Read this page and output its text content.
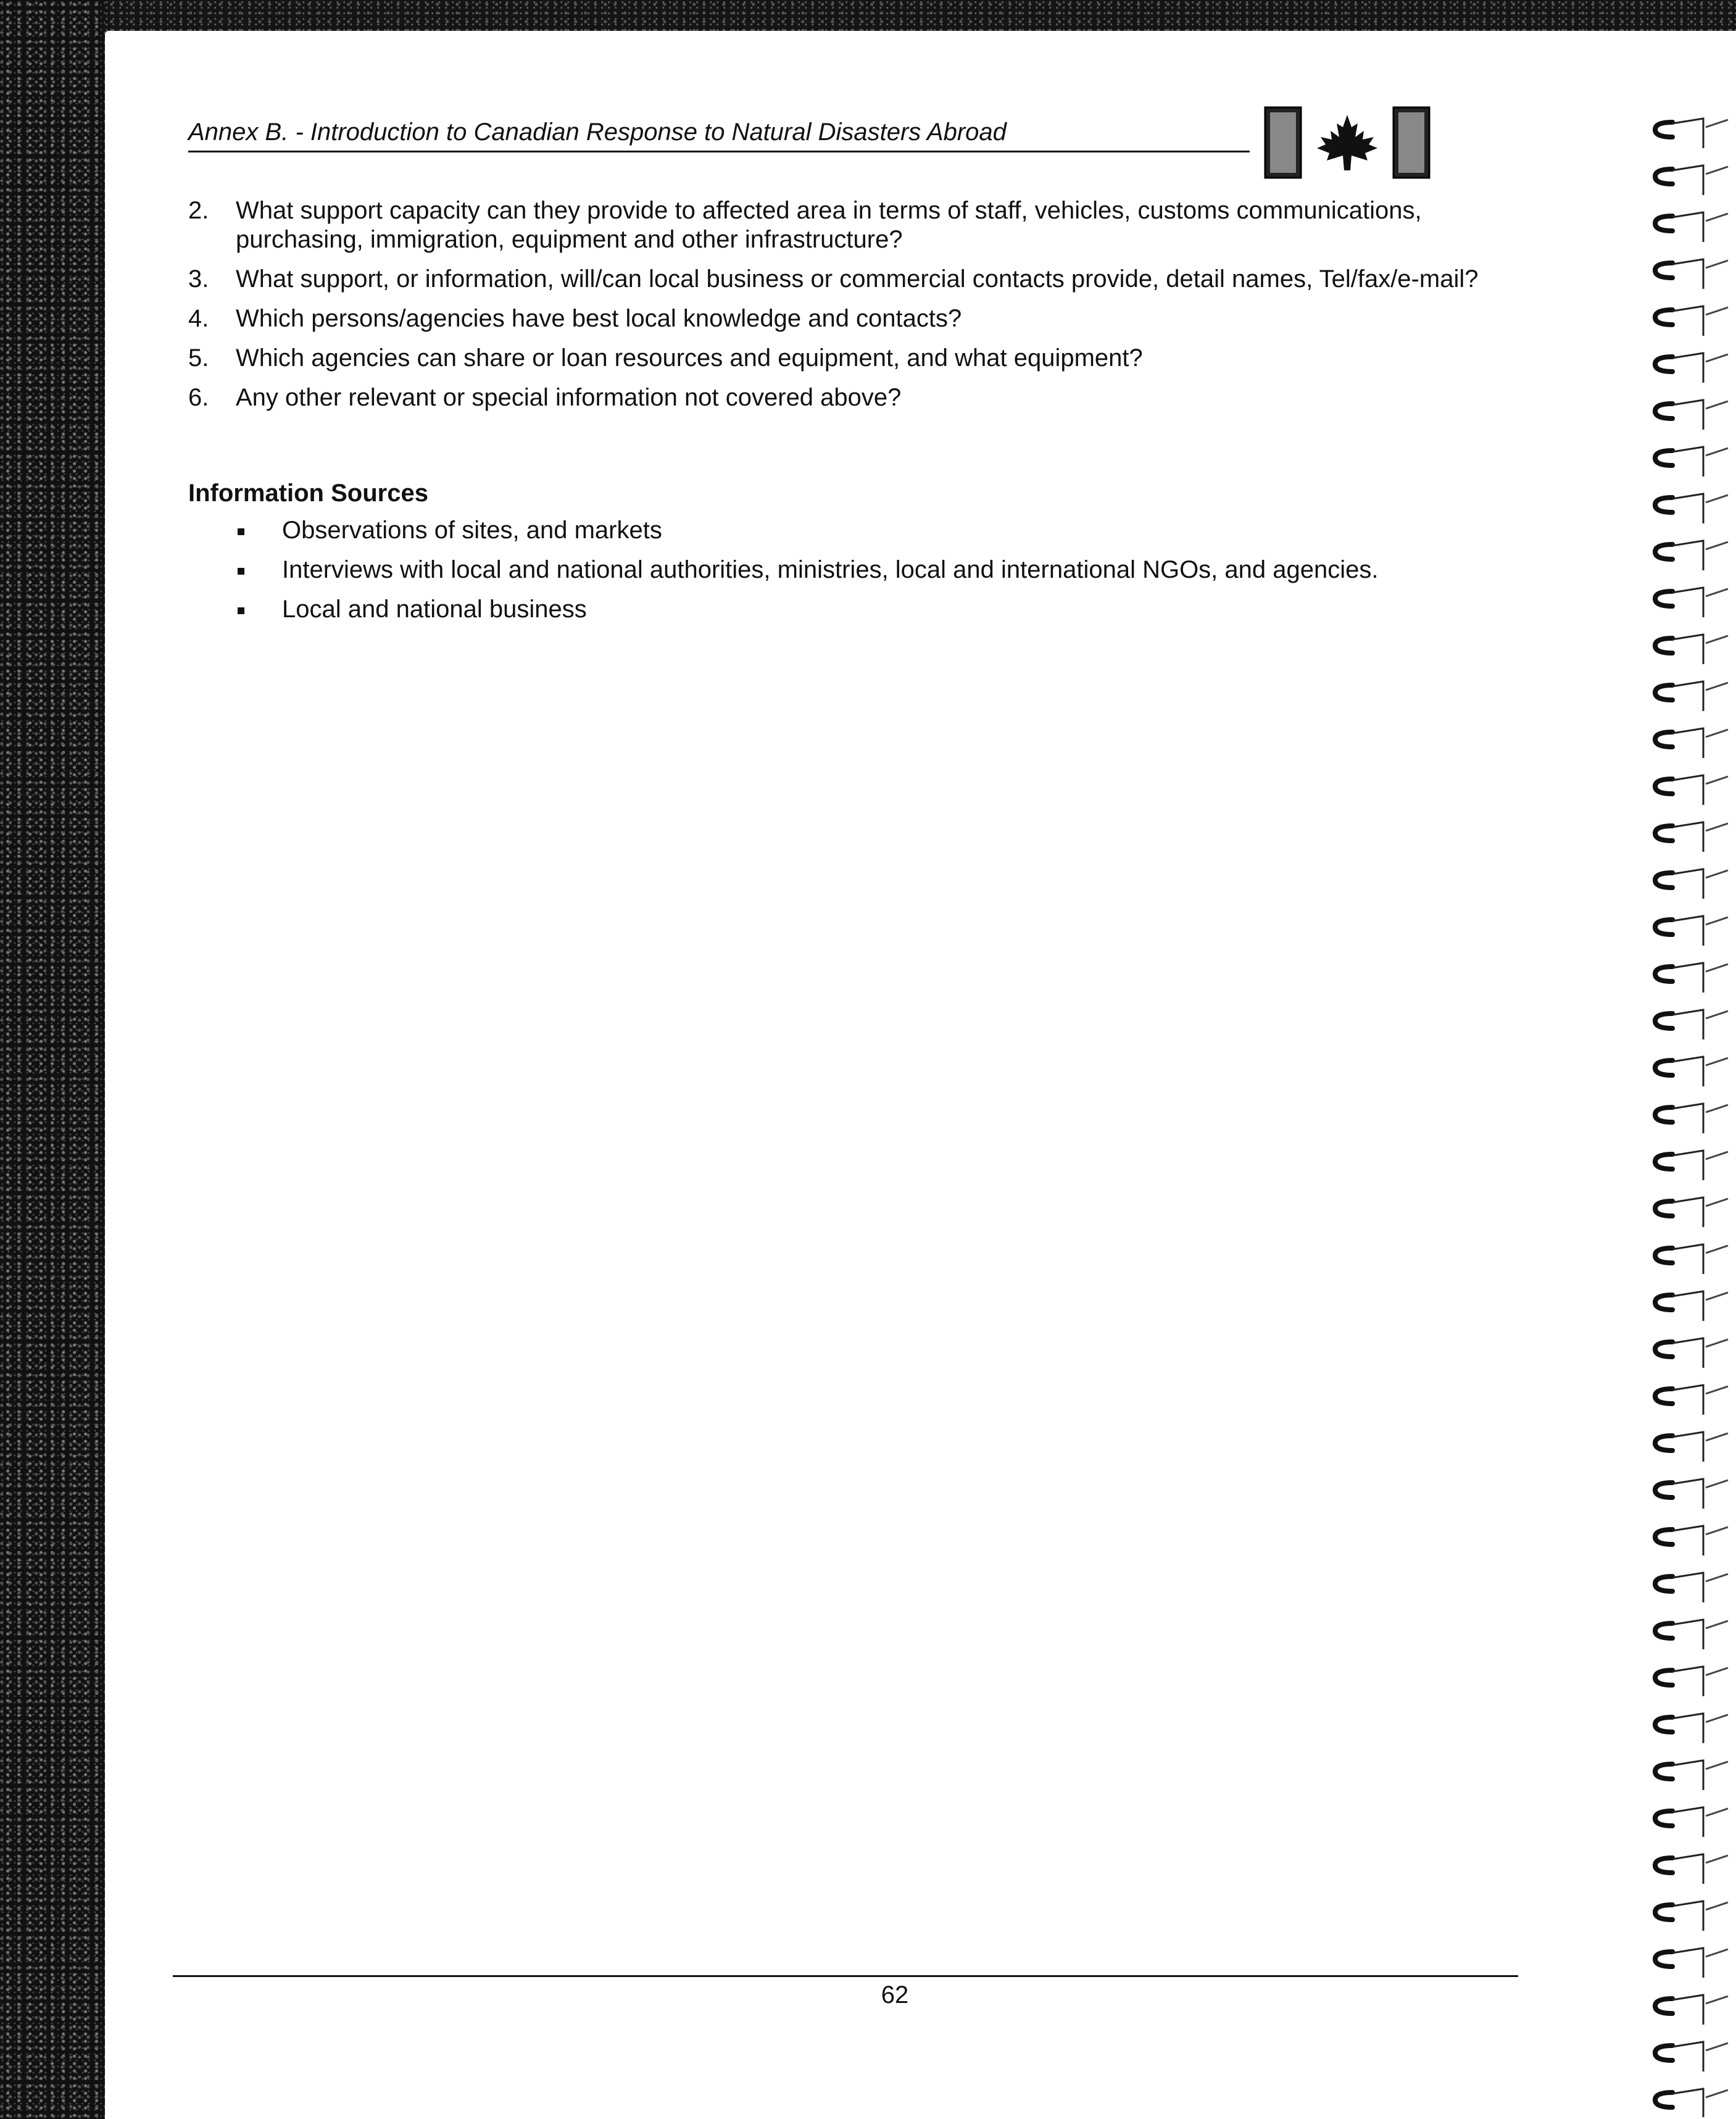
Annex B. - Introduction to Canadian Response to Natural Disasters Abroad
2. What support capacity can they provide to affected area in terms of staff, vehicles, customs communications, purchasing, immigration, equipment and other infrastructure?
3. What support, or information, will/can local business or commercial contacts provide, detail names, Tel/fax/e-mail?
4. Which persons/agencies have best local knowledge and contacts?
5. Which agencies can share or loan resources and equipment, and what equipment?
6. Any other relevant or special information not covered above?
Information Sources
Observations of sites, and markets
Interviews with local and national authorities, ministries, local and international NGOs, and agencies.
Local and national business
62
